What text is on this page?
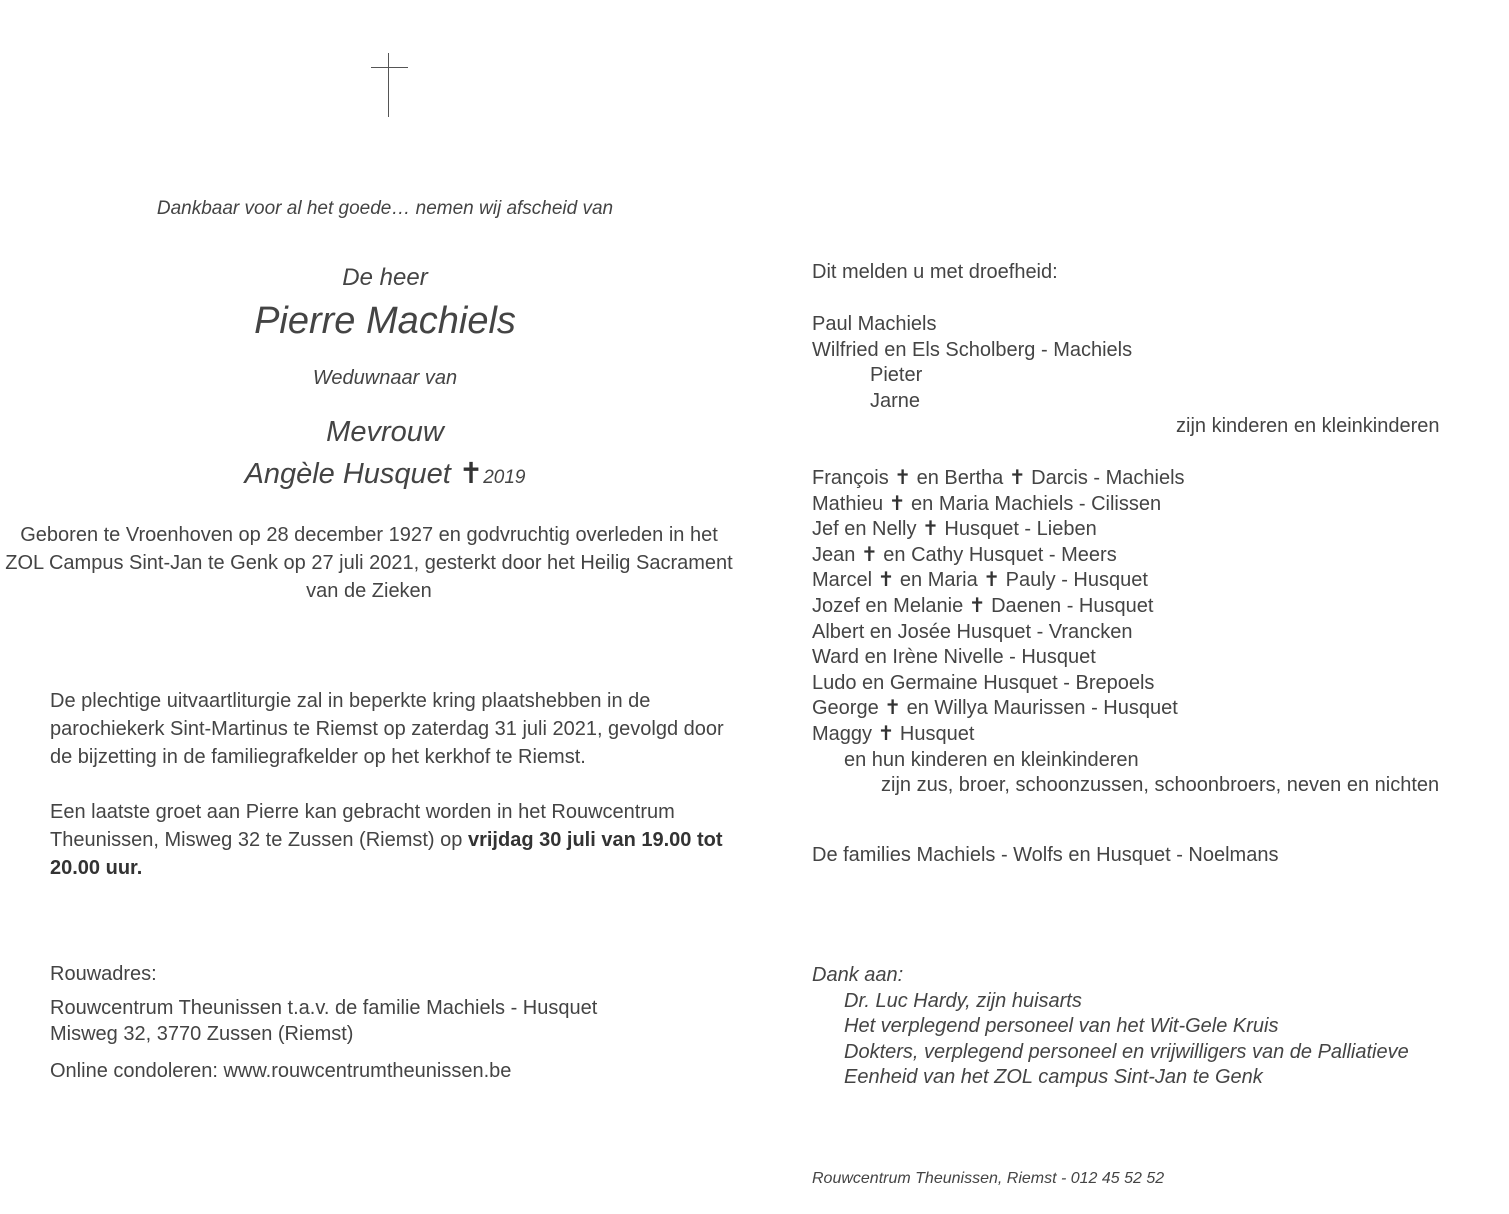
Dankbaar voor al het goede… nemen wij afscheid van
De heer
Pierre Machiels
Weduwnaar van
Mevrouw
Angèle Husquet ✝2019
Geboren te Vroenhoven op 28 december 1927 en godvruchtig overleden in het ZOL Campus Sint-Jan te Genk op 27 juli 2021, gesterkt door het Heilig Sacrament van de Zieken
De plechtige uitvaartliturgie zal in beperkte kring plaatshebben in de parochiekerk Sint-Martinus te Riemst op zaterdag 31 juli 2021, gevolgd door de bijzetting in de familiegrafkelder op het kerkhof te Riemst.
Een laatste groet aan Pierre kan gebracht worden in het Rouwcentrum Theunissen, Misweg 32 te Zussen (Riemst) op vrijdag 30 juli van 19.00 tot 20.00 uur.
Rouwadres:
Rouwcentrum Theunissen t.a.v. de familie Machiels - Husquet
Misweg 32, 3770 Zussen (Riemst)
Online condoleren: www.rouwcentrumtheunissen.be
Dit melden u met droefheid:
Paul Machiels
Wilfried en Els Scholberg - Machiels
Pieter
Jarne
zijn kinderen en kleinkinderen
François ✝ en Bertha ✝ Darcis - Machiels
Mathieu ✝ en Maria Machiels - Cilissen
Jef en Nelly ✝ Husquet - Lieben
Jean ✝ en Cathy Husquet - Meers
Marcel ✝ en Maria ✝ Pauly - Husquet
Jozef en Melanie ✝ Daenen - Husquet
Albert en Josée Husquet - Vrancken
Ward en Irène Nivelle - Husquet
Ludo en Germaine Husquet - Brepoels
George ✝ en Willya Maurissen - Husquet
Maggy ✝ Husquet
en hun kinderen en kleinkinderen
zijn zus, broer, schoonzussen, schoonbroers, neven en nichten
De families Machiels - Wolfs en Husquet - Noelmans
Dank aan:
Dr. Luc Hardy, zijn huisarts
Het verplegend personeel van het Wit-Gele Kruis
Dokters, verplegend personeel en vrijwilligers van de Palliatieve
Eenheid van het ZOL campus Sint-Jan te Genk
Rouwcentrum Theunissen, Riemst - 012 45 52 52
